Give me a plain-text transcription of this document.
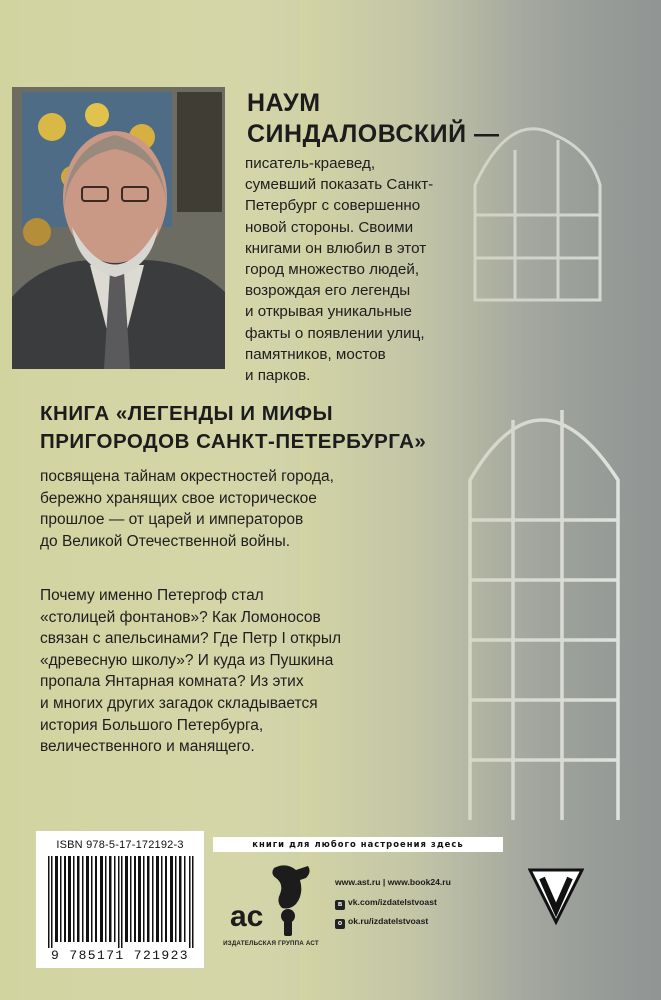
НАУМ
СИНДАЛОВСКИЙ —
писатель-краевед,
сумевший показать Санкт-
Петербург с совершенно
новой стороны. Своими
книгами он влюбил в этот
город множество людей,
возрождая его легенды
и открывая уникальные
факты о появлении улиц,
памятников, мостов
и парков.
КНИГА «ЛЕГЕНДЫ И МИФЫ
ПРИГОРОДОВ САНКТ-ПЕТЕРБУРГА»
посвящена тайнам окрестностей города,
бережно хранящих свое историческое
прошлое — от царей и императоров
до Великой Отечественной войны.
Почему именно Петергоф стал
«столицей фонтанов»? Как Ломоносов
связан с апельсинами? Где Петр I открыл
«древесную школу»? И куда из Пушкина
пропала Янтарная комната? Из этих
и многих других загадок складывается
история Большого Петербурга,
величественного и манящего.
ISBN 978-5-17-172192-3
9 785171 721923
книги для любого настроения здесь
ас
ИЗДАТЕЛЬСКАЯ ГРУППА АСТ
www.ast.ru | www.book24.ru
в vk.com/izdatelstvoast
о ok.ru/izdatelstvoast
